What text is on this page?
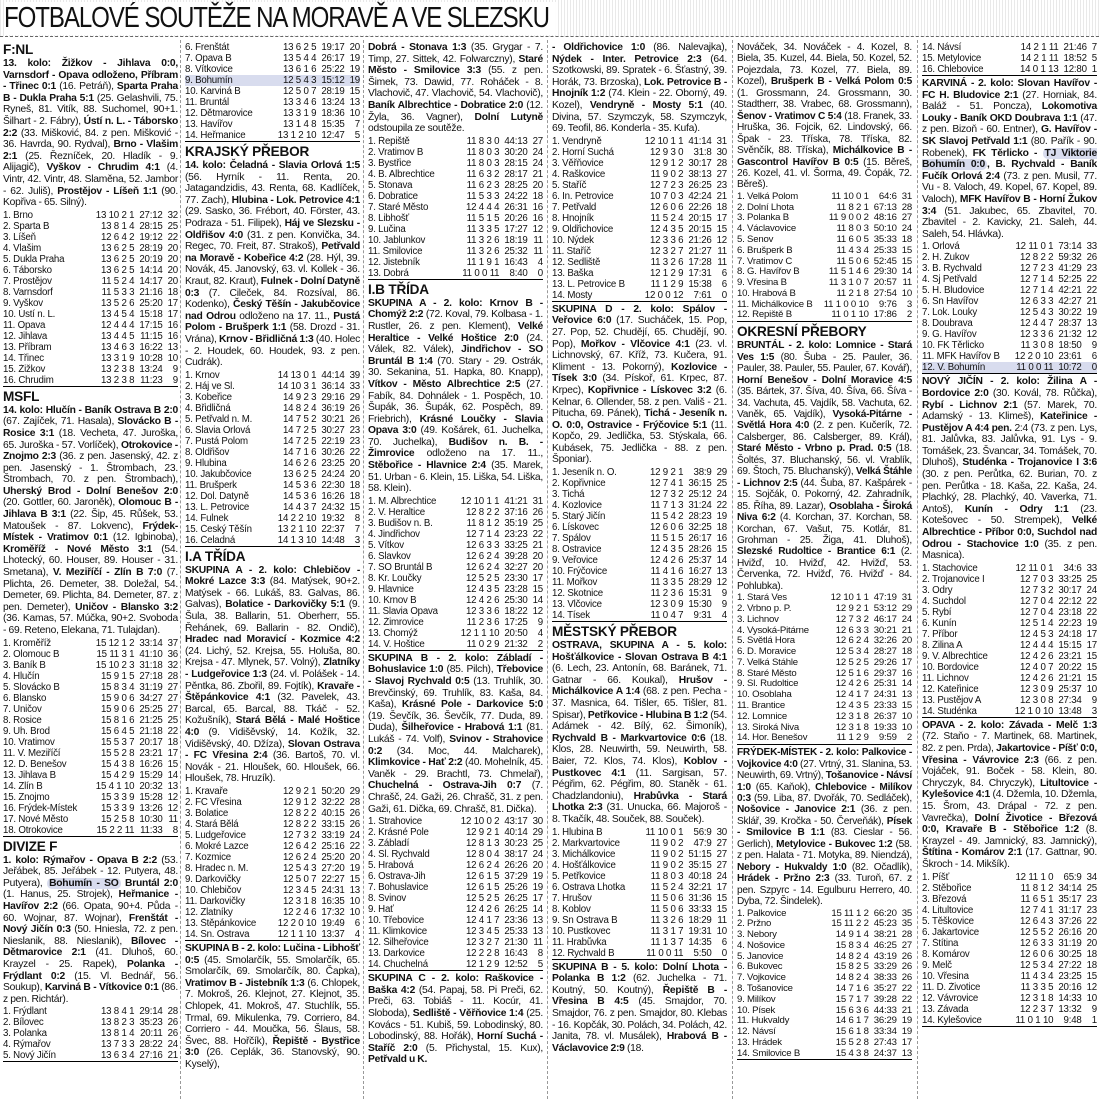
FOTBALOVÉ SOUTĚŽE NA MORAVĚ A VE SLEZSKU
F:NL
13. kolo: Žižkov - Jihlava 0:0, Varnsdorf - Opava odloženo, Příbram - Třinec 0:1 (16. Petráň), Sparta Praha B - Dukla Praha 5:1 (25. Gelashvili, 75. Ryneš, 81. Vitík, 88. Suchomel, 90+1. Šilhart - 2. Fábry), Ústí n. L. - Táborsko 2:2 (33. Mišković, 84. z pen. Mišković - 36. Havrda, 90. Rydval), Brno - Vlašim 2:1 (25. Řezníček, 20. Hladík - 9. Alijagič), Vyškov - Chrudim 4:1 (4. Vintr, 42. Vintr, 48. Slaměna, 52. Jambor - 62. Juliš), Prostějov - Líšeň 1:1 (90. Kopřiva - 65. Silný).
1. Brno	13 10 2 1	27:12	32
2. Sparta B	13 8 1 4	28:15	25
3. Líšeň	12 6 4 2	19:12	22
4. Vlašim	13 6 2 5	28:19	20
5. Dukla Praha	13 6 2 5	20:19	20
6. Táborsko	13 6 2 5	14:14	20
7. Prostějov	11 5 2 4	14:17	20
8. Varnsdorf	11 5 3 3	21:16	18
9. Vyškov	13 5 2 6	25:20	17
10. Ústí n. L.	13 4 5 4	15:18	17
11. Opava	12 4 4 4	17:15	16
12. Jihlava	13 4 4 5	11:15	16
13. Příbram	13 4 6 3	16:22	13
14. Třinec	13 3 1 9	10:28	10
15. Žižkov	13 2 3 8	13:24	9
16. Chrudim	13 2 3 8	11:23	9
MSFL
14. kolo: Hlučín - Baník Ostrava B 2:0 (67. Zajíček, 71. Hasala), Slovácko B - Rosice 3:1 (18. Vecheta, 47. Juroška, 65. Juroška - 57. Vorlíček), Otrokovice - Znojmo 2:3 (36. z pen. Jasenský, 42. z pen. Jasenský - 1. Štrombach, 23. Štrombach, 70. z pen. Štrombach), Uherský Brod - Dolní Benešov 2:0 (20. Gottler, 60. Jaroněk), Olomouc B - Jihlava B 3:1 (22. Šip, 45. Růšek, 53. Matoušek - 87. Lokvenc), Frýdek-Místek - Vratimov 0:1 (12. Igbinoba), Kroměříž - Nové Město 3:1 (54. Lhotecký, 60. Houser, 89. Houser - 31. Smetana), V. Meziříčí - Zlín B 7:0 (7. Plichta, 26. Demeter, 38. Doležal, 54. Demeter, 69. Plichta, 84. Demeter, 87. z pen. Demeter), Uničov - Blansko 3:2 (36. Kamas, 57. Múčka, 90+2. Svoboda - 69. Reteno, Elekana, 71. Tulajdan).
1. Kroměříž	15 12 1 2	33:14	37
2. Olomouc B	15 11 3 1	41:10	36
3. Baník B	15 10 2 3	31:18	32
4. Hlučín	15 9 1 5	27:18	28
5. Slovácko B	15 8 3 4	31:19	27
6. Blansko	15 9 0 6	34:27	27
7. Uničov	15 9 0 6	25:25	27
8. Rosice	15 8 1 6	21:25	25
9. Uh. Brod	15 6 4 5	21:18	22
10. Vratimov	15 5 3 7	20:17	18
11. V. Meziříčí	15 5 2 8	23:21	17
12. D. Benešov	15 4 3 8	16:26	15
13. Jihlava B	15 4 2 9	15:29	14
14. Zlín B	15 4 1 10	20:32	13
15. Znojmo	15 3 3 9	15:28	12
16. Frýdek-Místek	15 3 3 9	13:26	12
17. Nové Město	15 2 5 8	10:30	11
18. Otrokovice	15 2 2 11	11:33	8
DIVIZE F
1. kolo: Rýmařov - Opava B 2:2 (53. Jeřábek, 85. Jeřábek - 12. Putyera, 48. Putyera), Bohumín - SO Bruntál 2:0 (1. Hanus, 25. Strojek), Heřmanice - Havířov 2:2 (66. Opata, 90+4. Půda - 60. Wojnar, 87. Wojnar), Frenštát - Nový Jičín 0:3 (50. Hniesla, 72. z pen. Nieslanik, 88. Nieslanik), Bílovec - Dětmarovice 2:1 (41. Dluhoš, 60. Krayzel - 25. Rapek), Polanka - Frýdlant 0:2 (15. Vl. Bednář, 56. Soukup), Karviná B - Vítkovice 0:1 (86. z pen. Richtár).
1. Frýdlant	13 8 4 1	29:14	28
2. Bílovec	13 8 2 3	35:23	26
3. Polanka	13 8 1 4	20:11	26
4. Rýmařov	13 7 3 3	28:22	24
5. Nový Jičín	13 6 3 4	27:16	21
6. Frenštát	13 6 2 5	19:17	20
7. Opava B	13 5 4 4	26:17	19
8. Vítkovice	13 6 1 6	25:22	19
9. Bohumín	12 5 4 3	15:12	19
10. Karviná B	12 5 0 7	28:19	15
11. Bruntál	13 3 4 6	13:24	13
12. Dětmarovice	13 3 1 9	18:36	10
13. Havířov	13 1 4 8	15:35	7
14. Heřmanice	13 1 2 10	12:47	5
KRAJSKÝ PŘEBOR
14. kolo: Čeladná - Slavia Orlová 1:5 (56. Hyrník - 11. Renta, 20. Jatagandzidis, 43. Renta, 68. Kadlíček, 77. Zach), Hlubina - Lok. Petrovice 4:1 (29. Sasko, 36. Frébort, 40. Förster, 43. Podraza - 51. Filipek), Háj ve Slezsku - Oldřišov 4:0 (31. z pen. Konvička, 34. Regec, 70. Freit, 87. Strakoš), Petřvald na Moravě - Kobeřice 4:2 (28. Hýl, 39. Novák, 45. Janovský, 63. vl. Kollek - 36. Kraut, 82. Kraut), Fulnek - Dolní Datyně 0:3 (7. Cileček, 84. Rozsíval, 86. Kodenko), Český Těšín - Jakubčovice nad Odrou odloženo na 17. 11., Pustá Polom - Brušperk 1:1 (58. Drozd - 31. Vrána), Krnov - Břidličná 1:3 (40. Holec - 2. Houdek, 60. Houdek, 93. z pen. Cudrák).
1. Krnov	14 13 0 1	44:14	39
2. Háj ve Sl.	14 10 3 1	36:14	33
3. Kobeřice	14 9 2 3	29:16	29
4. Břidličná	14 8 2 4	36:19	26
5. Petřvald n. M.	14 7 5 2	30:21	26
6. Slavia Orlová	14 7 2 5	30:27	23
7. Pustá Polom	14 7 2 5	22:19	23
8. Oldřišov	14 7 1 6	30:26	22
9. Hlubina	14 6 2 6	23:25	20
10. Jakubčovice	13 6 2 5	24:24	20
11. Brušperk	14 5 3 6	22:30	18
12. Dol. Datyně	14 5 3 6	16:26	18
13. L. Petrovice	14 4 3 7	24:32	15
14. Fulnek	14 2 2 10	19:32	8
15. Český Těšín	13 2 1 10	22:37	7
16. Čeladná	14 1 3 10	14:48	3
I.A TŘÍDA
SKUPINA A - 2. kolo: Chlebičov - Mokré Lazce 3:3 (84. Matýsek, 90+2. Matýsek - 66. Lukáš, 83. Galvas, 86. Galvas), Bolatice - Darkovičky 5:1 (9. Šula, 38. Ballarin, 51. Oberherr, 55. Řehánek, 69. Ballarin - 82. Ondič), Hradec nad Moravicí - Kozmice 4:2 (24. Lichý, 52. Krejsa, 55. Holuša, 80. Krejsa - 47. Mlynek, 57. Volný), Zlatníky - Ludgeřovice 1:3 (24. vl. Polášek - 14. Pěntka, 86. Zbořil, 89. Fojtík), Kravaře - Štěpánkovice 4:1 (32. Pavelek, 43. Barcal, 65. Barcal, 88. Tkáč - 52. Kožušník), Stará Bělá - Malé Hoštice 4:0 (9. Vidišěvský, 14. Kožík, 32. Vidišěvský, 40. Džíza), Slovan Ostrava - FC Vřesina 2:4 (36. Bartoš, 70. vl. Novák - 21. Hloušek, 60. Hloušek, 66. Hloušek, 78. Hruzík).
1. Kravaře	12 9 2 1	50:20	29
2. FC Vřesina	12 9 1 2	32:22	28
3. Bolatice	12 8 2 2	40:15	26
4. Stará Bělá	12 8 2 2	33:15	26
5. Ludgeřovice	12 7 3 2	33:19	24
6. Mokré Lazce	12 6 4 2	25:16	22
7. Kozmice	12 6 2 4	25:20	20
8. Hradec n. M.	12 5 4 3	27:20	19
9. Darkovičky	12 5 0 7	22:27	15
10. Chlebičov	12 3 4 5	24:31	13
11. Darkovičky	12 3 1 8	16:35	10
12. Zlatníky	12 2 4 6	17:32	10
13. Štěpánkovice	12 2 0 10	19:49	6
14. Sn. Ostrava	12 1 1 10	13:37	4
SKUPINA B - 2. kolo: Lučina - Libhošť 0:5 (45. Smolarčík, 55. Smolarčík, 65. Smolarčík, 69. Smolarčík, 80. Čapka), Vratimov B - Jistebník 1:3 (6. Chlopek, 7. Mokroš, 26. Klejnot, 27. Klejnot, 35. Chlopek, 41. Mokroš, 47. Stuchlík, 55. Trmal, 69. Mikulenka, 79. Corriero, 84. Corriero - 44. Moučka, 56. Šlaus, 58. Švec, 88. Hořčík), Řepiště - Bystřice 3:0 (26. Ceplák, 36. Stanovský, 90. Kyselý),
Dobrá - Stonava 1:3 (35. Grygar - 7. Timp, 27. Sittek, 42. Folwarczny), Staré Město - Smilovice 3:3 (55. z pen. Šimek, 73. Dawid, 77. Roháček - 8. Vlachovič, 47. Vlachovič, 54. Vlachovič), Baník Albrechtice - Dobratice 2:0 (12. Žyla, 36. Vagner), Dolní Lutyně odstoupila ze soutěže.
1. Řepiště	11 8 3 0	44:13	27
2. Vratimov B	11 8 0 3	30:20	24
3. Bystřice	11 8 0 3	28:15	24
4. B. Albrechtice	11 6 3 2	28:17	21
5. Stonava	11 6 2 3	28:25	20
6. Dobratice	11 5 3 3	24:22	18
7. Staré Město	12 4 4 4	26:31	16
8. Libhošť	11 5 1 5	20:26	16
9. Lučina	11 3 3 5	17:27	12
10. Jablunkov	11 3 2 6	18:19	11
11. Smilovice	11 3 2 6	25:32	11
12. Jistebník	11 1 9 1	16:43	4
13. Dobrá	11 0 0 11	8:40	0
I.B TŘÍDA
SKUPINA A - 2. kolo: Krnov B - Chomýž 2:2 (72. Koval, 79. Kolbasa - 1. Rustler, 26. z pen. Klement), Velké Heraltice - Velké Hoštice 2:0 (24. Válek, 82. Válek), Jindřichov - SO Bruntál B 1:4 (70. Stary - 29. Ostrák, 30. Sekanina, 51. Hapka, 80. Knapp), Vítkov - Město Albrechtice 2:5 (27. Fabík, 84. Dohnálek - 1. Pospěch, 10. Šupák, 36. Šupák, 62. Pospěch, 89. Friebrich), Krásné Loučky - Slavia Opava 3:0 (49. Košárek, 61. Juchelka, 70. Juchelka), Budišov n. B. - Žimrovice odloženo na 17. 11., Stěbořice - Hlavnice 2:4 (35. Marek, 51. Urban - 6. Klein, 15. Liška, 54. Liška, 58. Klein).
1. M. Albrechtice	12 10 1 1	41:21	31
2. V. Heraltice	12 8 2 2	37:16	26
3. Budišov n. B.	11 8 1 2	35:19	25
4. Jindřichov	12 7 1 4	23:23	22
5. Vítkov	12 6 3 3	33:25	21
6. Slavkov	12 6 2 4	39:28	20
7. SO Bruntál B	12 6 2 4	32:27	20
8. Kr. Loučky	12 5 2 5	23:30	17
9. Hlavnice	12 4 3 5	23:28	15
10. Krnov B	12 4 2 6	25:30	14
11. Slavia Opava	12 3 3 6	18:22	12
12. Žimrovice	11 2 3 6	17:25	9
13. Chomýž	12 1 1 10	20:50	4
14. V. Hoštice	11 0 2 9	21:32	2
SKUPINA B - 2. kolo: Zábladí - Bohuslavice 1:0 (85. Pilch), Třebovice - Slavoj Rychvald 0:5 (13. Truhlík, 30. Brevčinský, 69. Truhlík, 83. Kaša, 84. Kaša), Krásné Pole - Darkovice 5:0 (19. Ševčík, 36. Ševčík, 77. Duda, 89. Duda), Šilheřovice - Hrabová 1:1 (81. Lukáš - 74. Volf), Svinov - Strahovice 0:2 (34. Moc, 44. Malcharek), Klimkovice - Hať 2:2 (40. Mohelník, 45. Vaněk - 29. Brachtl, 73. Chmelař), Chuchelná - Ostrava-Jih 0:7 (7. Chrašč, 24. Gaži, 26. Chrašč, 31. z pen. Gaži, 61. Dička, 69. Chrašč, 81. Dička).
1. Strahovice	12 10 0 2	43:17	30
2. Krásné Pole	12 9 2 1	40:14	29
3. Zábladí	12 8 1 3	30:23	25
4. Sl. Rychvald	12 8 0 4	38:17	24
5. Hrabová	12 6 2 4	26:26	20
6. Ostrava-Jih	12 6 1 5	37:29	19
7. Bohuslavice	12 6 1 5	25:26	19
8. Svinov	12 5 2 5	26:25	17
9. Hať	12 4 2 6	26:25	14
10. Třebovice	12 4 1 7	23:36	13
11. Klimkovice	12 3 4 5	25:33	13
12. Šilheřovice	12 3 2 7	21:30	11
13. Darkovice	12 2 2 8	16:43	8
14. Chuchelná	12 1 2 9	12:52	5
SKUPINA C - 2. kolo: Raškovice - Baška 4:2 (54. Papaj, 58. Pi Preči, 62. Preči, 63. Tobiáš - 11. Kocúr, 41. Sloboda), Sedliště - Věřňovice 1:4 (25. Kovács - 51. Kubiš, 59. Lobodinský, 80. Lobodinský, 88. Hořák), Horní Suchá - Staříč 2:0 (5. Přichystal, 15. Kux), Petřvald u K.
- Oldřichovice 1:0 (86. Nalevajka), Nýdek - Inter. Petrovice 2:3 (64. Szotkowski, 89. Spratek - 6. Šťastný, 39. Horák, 73. Brzoska), Lok. Petrovice B - Hnojník 1:2 (74. Klein - 22. Oborný, 49. Kozel), Vendryně - Mosty 5:1 (40. Divina, 57. Szymczyk, 58. Szymczyk, 69. Teofil, 86. Konderla - 35. Kufa).
1. Vendryně	12 10 1 1	41:14	31
2. Horní Suchá	12 9 3 0	31:8	30
3. Věřňovice	12 9 1 2	30:17	28
4. Raškovice	11 9 0 2	38:13	27
5. Staříč	12 7 2 3	26:25	23
6. In. Petrovice	10 7 0 3	42:24	21
7. Petřvald	12 6 0 6	22:26	18
8. Hnojník	11 5 2 4	20:15	17
9. Oldřichovice	12 4 3 5	20:15	15
10. Nýdek	12 3 3 6	21:26	12
11. Staříč	12 3 2 7	21:27	11
12. Sedliště	11 3 2 6	17:28	11
13. Baška	12 1 2 9	17:31	6
13. L. Petrovice B	11 1 2 9	15:38	6
14. Mosty	12 0 0 12	7:61	0
SKUPINA D - 2. kolo: Spálov - Veřovice 6:0 (17. Sucháček, 15. Pop, 27. Pop, 52. Chudějí, 65. Chudějí, 90. Pop), Mořkov - Vlčovice 4:1 (23. vl. Lichnovský, 67. Kříž, 73. Kučera, 91. Kliment - 13. Pokorný), Kozlovice - Tísek 3:0 (34. Pískoř, 61. Krpec, 87. Krpec), Kopřivnice - Lískovec 3:2 (6. Kelnar, 6. Ollender, 58. z pen. Vališ - 21. Pitucha, 69. Pánek), Tichá - Jeseník n. O. 0:0, Ostravice - Frýčovice 5:1 (11. Kopčo, 29. Jedlička, 53. Stýskala, 66. Kubásek, 75. Jedlička - 88. z pen. Šponiar).
1. Jeseník n. O.	12 9 2 1	38:9	29
2. Kopřivnice	12 7 4 1	36:15	25
3. Tichá	12 7 3 2	25:12	24
4. Kozlovice	11 7 1 3	31:24	22
5. Starý Jičín	11 5 4 2	28:23	19
6. Lískovec	12 6 0 6	32:25	18
7. Spálov	11 5 1 5	26:17	16
8. Ostravice	12 4 3 5	28:26	15
9. Veřovice	12 4 2 6	25:37	14
10. Frýčovice	11 4 1 6	16:27	13
11. Mořkov	11 3 3 5	28:29	12
12. Skotnice	11 2 3 6	15:31	9
13. Vlčovice	12 3 0 9	15:30	9
14. Tísek	11 0 4 7	9:31	4
MĚSTSKÝ PŘEBOR
OSTRAVA, SKUPINA A - 5. kolo: Hošťálkovice - Slovan Ostrava B 4:1 (6. Lech, 23. Antonín, 68. Baránek, 71. Gatnar - 66. Koukal), Hrušov - Michálkovice A 1:4 (68. z pen. Pecha - 37. Masnica, 64. Tišler, 65. Tišler, 81. Spisar), Petřkovice - Hlubina B 1:2 (54. Adámek - 42. Bílý, 62. Šimoník), Rychvald B - Markvartovice 0:6 (18. Klos, 28. Neuwirth, 59. Neuwirth, 58. Baier, 72. Klos, 74. Klos), Koblov - Pustkovec 4:1 (11. Sargisan, 57. Pégřim, 62. Pégřim, 80. Staněk - 61. Chadzlandoniu), Hrabůvka - Stará Lhotka 2:3 (31. Unucka, 66. Majoroš - 8. Tkačík, 48. Souček, 88. Souček).
1. Hlubina B	11 10 0 1	56:9	30
2. Markvartovice	11 9 0 2	47:9	27
3. Michálkovice	11 9 0 2	51:15	27
4. Hošťálkovice	11 9 0 2	35:15	27
5. Petřkovice	11 8 0 3	40:18	24
6. Ostrava Lhotka	11 5 2 4	32:21	17
7. Hrušov	11 5 0 6	31:36	15
8. Koblov	11 5 0 6	33:33	15
9. Sn Ostrava B	11 3 2 6	18:29	11
10. Pustkovec	11 3 1 7	19:31	10
11. Hrabůvka	11 1 3 7	14:35	6
12. Rychvald B	11 0 0 11	5:50	0
SKUPINA B - 5. kolo: Dolní Lhota - Polanka B 1:2 (62. Juchelka - 71. Koutný, 50. Koutný), Řepiště B - Vřesina B 4:5 (45. Smajdor, 70. Smajdor, 76. z pen. Smajdor, 80. Klebas - 16. Kopčák, 30. Polách, 34. Polách, 42. Janita, 78. vl. Musálek), Hrabová B - Václavovice 2:9 (18.
Nováček, 34. Nováček - 4. Kozel, 8. Biela, 35. Kuzel, 44. Biela, 50. Kozel, 52. Pojezdala, 73. Kozel, 77. Biela, 89. Kozel), Brušperk B - Velká Polom 0:5 (1. Grossmann, 24. Grossmann, 30. Stadtherr, 38. Vrabec, 68. Grossmann), Šenov - Vratimov C 5:4 (18. Franek, 33. Hruška, 36. Fojcik, 62. Lindovský, 66. Špak - 23. Tříska, 78. Tříska, 82. Svěnčík, 88. Tříska), Michálkovice B - Gascontrol Havířov B 0:5 (15. Běreš, 26. Kozel, 41. vl. Šorma, 49. Čopák, 72. Běreš).
1. Velká Polom	11 10 0 1	64:6	31
2. Dolní Lhota	11 8 2 1	67:13	28
3. Polanka B	11 9 0 0 2	48:16	27
4. Václavovice	11 8 0 3	50:10	24
5. Šenov	11 6 0 5	35:33	18
6. Brušperk B	11 4 3 4	25:33	15
7. Vratimov C	11 5 0 6	52:45	15
8. G. Havířov B	11 5 1 4 6	29:30	14
9. Vřesina B	11 3 1 0 7	20:57	11
10. Hrabová B	11 2 1 8	27:54	10
11. Michálkovice B	11 1 0 0 10	9:76	3
12. Řepiště B	11 0 1 10	17:86	2
OKRESNÍ PŘEBORY
BRUNTÁL - 2. kolo: Lomnice - Stará Ves 1:5 (80. Šuba - 25. Pauler, 36. Pauler, 38. Pauler, 55. Pauler, 67. Kovář), Horní Benešov - Dolní Moravice 4:5 (35. Bártek, 37. Šíva, 40. Šíva, 66. Šíva - 34. Vachuta, 45. Vajdík, 58. Vachuta, 62. Vaněk, 65. Vajdík), Vysoká-Pitárne - Světlá Hora 4:0 (2. z pen. Kučerík, 72. Calsberger, 86. Calsberger, 89. Král), Staré Město - Vrbno p. Prad. 0:5 (18. Šoltés, 37. Bluchanský, 56. vl. Vrablík, 69. Štoch, 75. Bluchanský), Velká Štáhle - Lichnov 2:5 (44. Šuba, 87. Kašpárek - 15. Sojčák, 0. Pokorný, 42. Zahradník, 85. Říha, 89. Lazar), Osoblaha - Široká Niva 6:2 (4. Korchan, 37. Korchan, 58. Korchan, 67. Vašut, 75. Kotlár, 81. Grohman - 25. Žiga, 41. Dluhoš), Slezské Rudoltice - Brantice 6:1 (2. Hvižď, 10. Hvižď, 42. Hvižď, 53. Červenka, 72. Hvižď, 76. Hvižď - 84. Pohlubka).
1. Stará Ves	12 10 1 1	47:19	31
2. Vrbno p. P.	12 9 2 1	53:12	29
3. Lichnov	12 7 3 2	46:17	24
4. Vysoká-Pitárne	12 6 3 3	30:21	21
5. Světlá Hora	12 6 2 4	32:26	20
6. D. Moravice	12 5 3 4	28:27	18
7. Velká Štáhle	12 5 2 5	29:26	17
8. Staré Město	12 5 1 6	29:37	16
9. Sl. Rudoltice	12 4 2 6	25:31	14
10. Osoblaha	12 4 1 7	24:31	13
11. Brantice	12 4 3 5	23:33	15
12. Lomnice	12 3 1 8	26:37	10
13. Široká Niva	12 3 1 8	19:33	10
14. Hor. Benešov	11 1 2 9	9:59	2
FRÝDEK-MÍSTEK - 2. kolo: Palkovice - Vojkovice 4:0 (27. Vrtný, 31. Slanina, 53. Neuwirth, 69. Vrtný), Tošanovice - Návsí 1:0 (65. Kaňok), Chlebovice - Milíkov 0:3 (59. Liba, 87. Dvořák, 70. Sedláček), Nošovice - Janovice 2:1 (36. z pen. Sklář, 39. Kročka - 50. Červeňák), Písek - Smilovice B 1:1 (83. Cieslar - 56. Gerlich), Metylovice - Bukovec 1:2 (58. z pen. Halata - 71. Motyka, 89. Niendzá), Nebory - Hukvaldy 1:0 (82. Očadlík), Hrádek - Pržno 2:3 (33. Turoň, 67. z pen. Szpyrc - 14. Egulburu Herrero, 40. Dyba, 72. Šindelek).
1. Palkovice	15 11 1 2	66:20	35
2. Pržno	15 11 2 2	45:23	35
3. Nebory	14 9 1 4	38:21	28
4. Nošovice	15 8 3 4	46:25	27
5. Janovice	14 8 2 4	43:19	26
6. Bukovec	15 8 2 5	33:29	26
7. Vojkovice	14 8 2 4	38:33	26
8. Tošanovice	14 7 1 6	35:27	22
9. Milíkov	15 7 1 7	39:28	22
10. Písek	15 6 3 6	44:33	21
11. Hukvaldy	14 6 1 7	36:29	19
12. Návsí	15 6 1 8	33:34	19
13. Hrádek	15 5 2 8	27:43	17
14. Smilovice B	15 4 3 8	24:37	13
14. Návsí	14 2 1 11	21:46	7
15. Metylovice	14 2 1 11	18:52	5
16. Chlebovice	14 0 1 13	12:80	1
KARVINÁ - 2. kolo: Slovan Havířov - FC H. Bludovice 2:1 (27. Horniak, 84. Baláž - 51. Poncza), Lokomotiva Louky - Baník OKD Doubrava 1:1 (47. z pen. Bizoň - 60. Entner), G. Havířov - SK Slavoj Petřvald 1:1 (80. Pařík - 90. Robenek), FK Těrlicko - TJ Viktorie Bohumín 0:0 , B. Rychvald - Baník Fučík Orlová 2:4 (73. z pen. Musil, 77. Vu - 8. Valoch, 49. Kopel, 67. Kopel, 89. Valoch), MFK Havířov B - Horní Žukov 3:4 (51. Jakubec, 65. Zbavitel, 70. Zbavitel - 2. Kavicky, 21. Saleh, 44. Saleh, 54. Hlávka).
1. Orlová	12 11 0 1	73:14	33
2. H. Žukov	12 8 2 2	59:32	26
3. B. Rychvald	12 7 2 3	41:29	23
4. Sj Petřvald	12 7 1 4	52:25	22
5. H. Bludovice	12 7 1 4	42:21	22
6. Sn Havířov	12 6 3 3	42:27	21
7. Lok. Louky	12 5 4 3	30:22	19
8. Doubrava	12 4 4 7	28:37	13
9. G. Havířov	12 3 3 6	21:32	12
10. FK Těrlicko	11 3 0 8	18:50	9
11. MFK Havířov B	12 2 0 10	23:61	6
12. V. Bohumín	11 0 0 11	10:72	0
NOVÝ JIČÍN - 2. kolo: Žilina A - Bordovice 2:0 (30. Kovál, 78. Růčka), Rybí - Lichnov 2:1 (57. Marek, 70. Adamský - 13. Klimeš), Kateřinice - Pustějov A 4:4 pen. 2:4 (73. z pen. Lys, 81. Jalůvka, 83. Jalůvka, 91. Lys - 9. Tomášek, 23. Švancar, 34. Tomášek, 70. Dluhoš), Studénka - Trojanovice I 3:6 (30. z pen. Perůtka, 62. Burian, 70. z pen. Perůtka - 18. Kaša, 22. Kaša, 24. Plachký, 28. Plachký, 40. Vaverka, 71. Antoš), Kunín - Odry 1:1 (23. Kotešovec - 50. Strempek), Velké Albrechtice - Příbor 0:0, Suchdol nad Odrou - Stachovice 1:0 (35. z pen. Masnica).
1. Stachovice	12 11 0 1	34:6	33
2. Trojanovice I	12 7 0 3	33:25	25
3. Odry	12 7 3 2	30:17	24
4. Suchdol	12 7 0 4	22:12	22
5. Rybí	12 7 0 4	23:18	22
6. Kunín	12 5 1 4	22:23	19
7. Příbor	12 4 5 3	24:18	17
8. Žilina A	12 4 4 4	15:15	17
9. V. Albrechtice	12 4 2 6	23:21	15
10. Bordovice	12 4 0 7	20:22	15
11. Lichnov	12 4 2 6	21:21	15
12. Kateřinice	12 3 0 9	25:37	10
13. Pustějov A	12 3 0 8	27:34	9
14. Studénka	12 1 0 10	13:48	3
OPAVA - 2. kolo: Závada - Melč 1:3 (72. Staňo - 7. Martinek, 68. Martinek, 82. z pen. Prda), Jakartovice - Píšť 0:0, Vřesina - Vávrovice 2:3 (66. z pen. Vojáček, 91. Boček - 58. Klein, 80. Chryczyk, 84. Chryczyk), Litultovice - Kylešovice 4:1 (4. Džemla, 10. Džemla, 15. Šrom, 43. Drápal - 72. z pen. Vavrečka), Dolní Životice - Březová 0:0, Kravaře B - Stěbořice 1:2 (8. Krayzel - 49. Jamnický, 83. Jamnický), Štítina - Komárov 2:1 (17. Gattnar, 90. Škroch - 14. Mikšík).
1. Píšť	12 11 1 0	65:9	34
2. Stěbořice	11 8 1 2	34:14	25
3. Březová	11 6 5 1	35:17	23
4. Litultovice	12 7 4 1	31:17	23
5. Těškovice	12 6 4 3	37:26	22
6. Jakartovice	12 5 5 2	26:16	20
7. Štítina	12 6 3 3	31:19	20
8. Komárov	12 6 0 6	30:25	18
9. Melč	12 5 3 4	27:22	18
10. Vřesina	11 4 3 4	23:25	15
11. D. Životice	11 3 3 5	20:16	12
12. Vávrovice	12 3 1 8	14:33	10
13. Závada	12 2 3 7	13:32	9
14. Kylešovice	11 0 1 10	9:48	1
